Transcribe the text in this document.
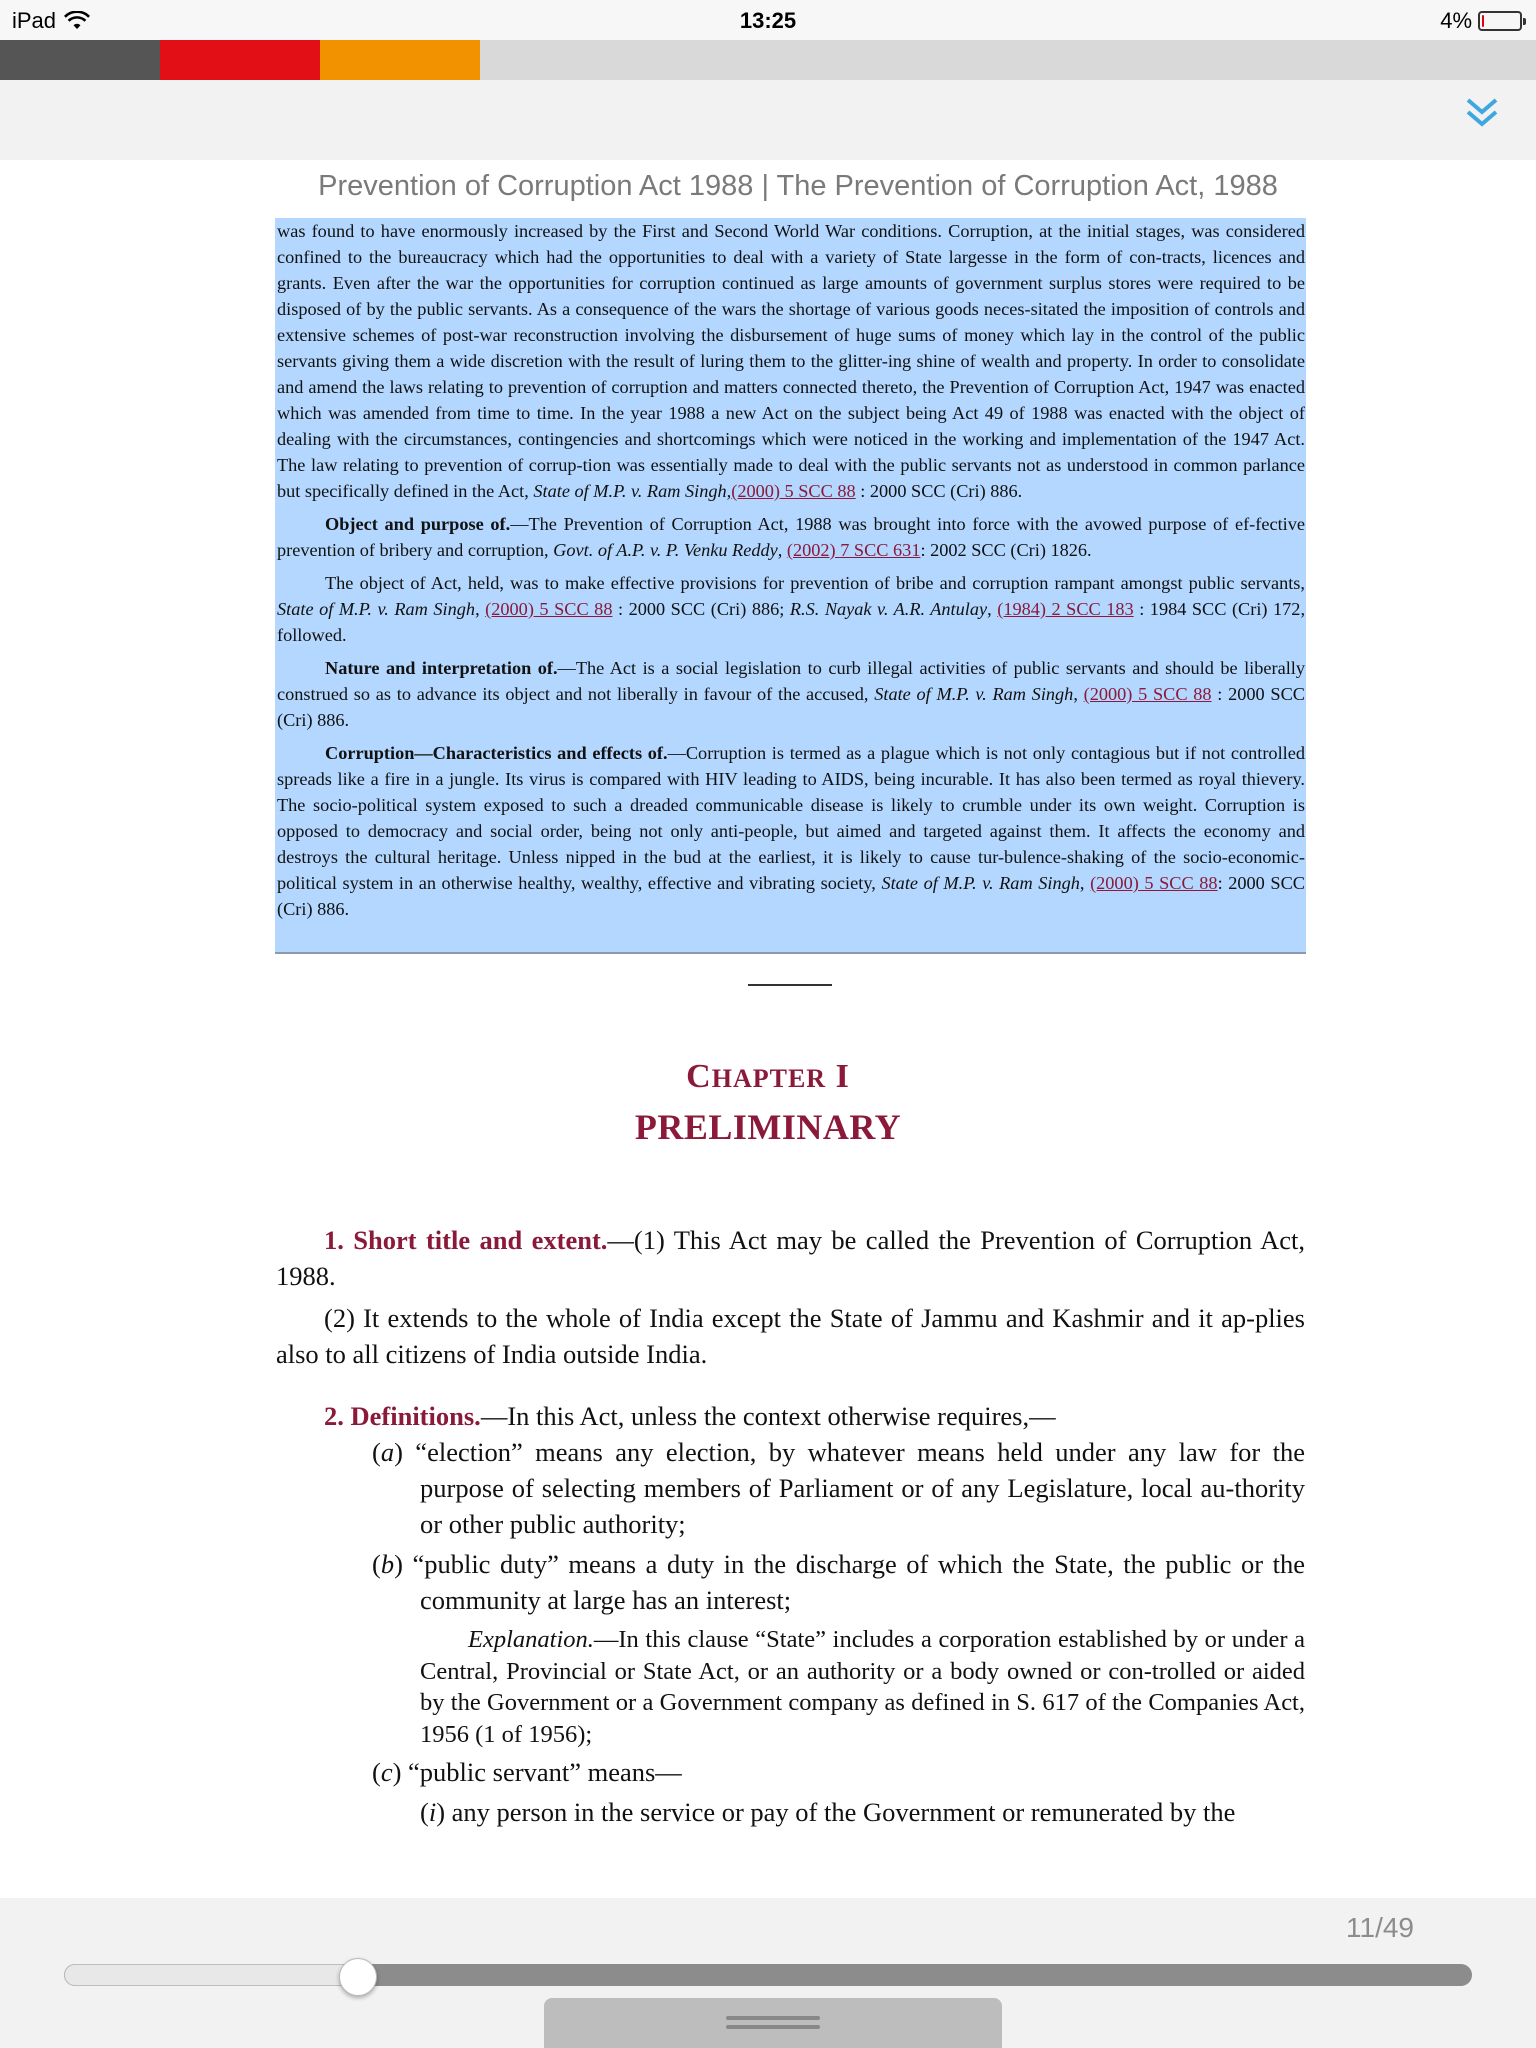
iPad	13:25	4%
Prevention of Corruption Act 1988 | The Prevention of Corruption Act, 1988

was found to have enormously increased by the First and Second World War conditions. Corruption, at the initial stages, was considered confined to the bureaucracy which had the opportunities to deal with a variety of State largesse in the form of con-tracts, licences and grants. Even after the war the opportunities for corruption continued as large amounts of government surplus stores were required to be disposed of by the public servants. As a consequence of the wars the shortage of various goods neces-sitated the imposition of controls and extensive schemes of post-war reconstruction involving the disbursement of huge sums of money which lay in the control of the public servants giving them a wide discretion with the result of luring them to the glitter-ing shine of wealth and property. In order to consolidate and amend the laws relating to prevention of corruption and matters connected thereto, the Prevention of Corruption Act, 1947 was enacted which was amended from time to time. In the year 1988 a new Act on the subject being Act 49 of 1988 was enacted with the object of dealing with the circumstances, contingencies and shortcomings which were noticed in the working and implementation of the 1947 Act. The law relating to prevention of corrup-tion was essentially made to deal with the public servants not as understood in common parlance but specifically defined in the Act, State of M.P. v. Ram Singh,(2000) 5 SCC 88 : 2000 SCC (Cri) 886.

Object and purpose of.—The Prevention of Corruption Act, 1988 was brought into force with the avowed purpose of ef-fective prevention of bribery and corruption, Govt. of A.P. v. P. Venku Reddy, (2002) 7 SCC 631: 2002 SCC (Cri) 1826.

The object of Act, held, was to make effective provisions for prevention of bribe and corruption rampant amongst public servants, State of M.P. v. Ram Singh, (2000) 5 SCC 88 : 2000 SCC (Cri) 886; R.S. Nayak v. A.R. Antulay, (1984) 2 SCC 183 : 1984 SCC (Cri) 172, followed.

Nature and interpretation of.—The Act is a social legislation to curb illegal activities of public servants and should be liberally construed so as to advance its object and not liberally in favour of the accused, State of M.P. v. Ram Singh, (2000) 5 SCC 88 : 2000 SCC (Cri) 886.

Corruption—Characteristics and effects of.—Corruption is termed as a plague which is not only contagious but if not controlled spreads like a fire in a jungle. Its virus is compared with HIV leading to AIDS, being incurable. It has also been termed as royal thievery. The socio-political system exposed to such a dreaded communicable disease is likely to crumble under its own weight. Corruption is opposed to democracy and social order, being not only anti-people, but aimed and targeted against them. It affects the economy and destroys the cultural heritage. Unless nipped in the bud at the earliest, it is likely to cause tur-bulence-shaking of the socio-economic-political system in an otherwise healthy, wealthy, effective and vibrating society, State of M.P. v. Ram Singh, (2000) 5 SCC 88: 2000 SCC (Cri) 886.

CHAPTER I
PRELIMINARY

1. Short title and extent.—(1) This Act may be called the Prevention of Corruption Act, 1988.

(2) It extends to the whole of India except the State of Jammu and Kashmir and it ap-plies also to all citizens of India outside India.

2. Definitions.—In this Act, unless the context otherwise requires,—

(a) “election” means any election, by whatever means held under any law for the purpose of selecting members of Parliament or of any Legislature, local au-thority or other public authority;

(b) “public duty” means a duty in the discharge of which the State, the public or the community at large has an interest;

Explanation.—In this clause “State” includes a corporation established by or under a Central, Provincial or State Act, or an authority or a body owned or con-trolled or aided by the Government or a Government company as defined in S. 617 of the Companies Act, 1956 (1 of 1956);

(c) “public servant” means—

(i) any person in the service or pay of the Government or remunerated by the

11/49
